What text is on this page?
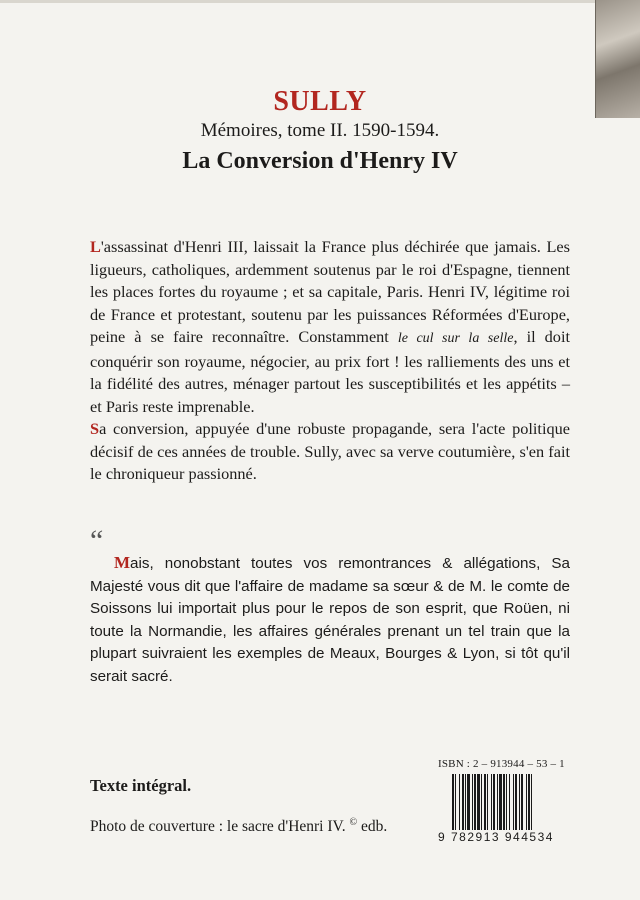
SULLY
Mémoires, tome II. 1590-1594.
La Conversion d'Henry IV

L'assassinat d'Henri III, laissait la France plus déchirée que jamais. Les ligueurs, catholiques, ardemment soutenus par le roi d'Espagne, tiennent les places fortes du royaume ; et sa capitale, Paris. Henri IV, légitime roi de France et protestant, soutenu par les puissances Réformées d'Europe, peine à se faire reconnaître. Constamment le cul sur la selle, il doit conquérir son royaume, négocier, au prix fort ! les ralliements des uns et la fidélité des autres, ménager partout les susceptibilités et les appétits – et Paris reste imprenable.

Sa conversion, appuyée d'une robuste propagande, sera l'acte politique décisif de ces années de trouble. Sully, avec sa verve coutumière, s'en fait le chroniqueur passionné.

“
Mais, nonobstant toutes vos remontrances & allégations, Sa Majesté vous dit que l'affaire de madame sa sœur & de M. le comte de Soissons lui importait plus pour le repos de son esprit, que Roüen, ni toute la Normandie, les affaires générales prenant un tel train que la plupart suivraient les exemples de Meaux, Bourges & Lyon, si tôt qu'il serait sacré.
Texte intégral.
Photo de couverture : le sacre d'Henri IV. © edb.
ISBN : 2 – 913944 – 53 – 1
9 782913 944534
